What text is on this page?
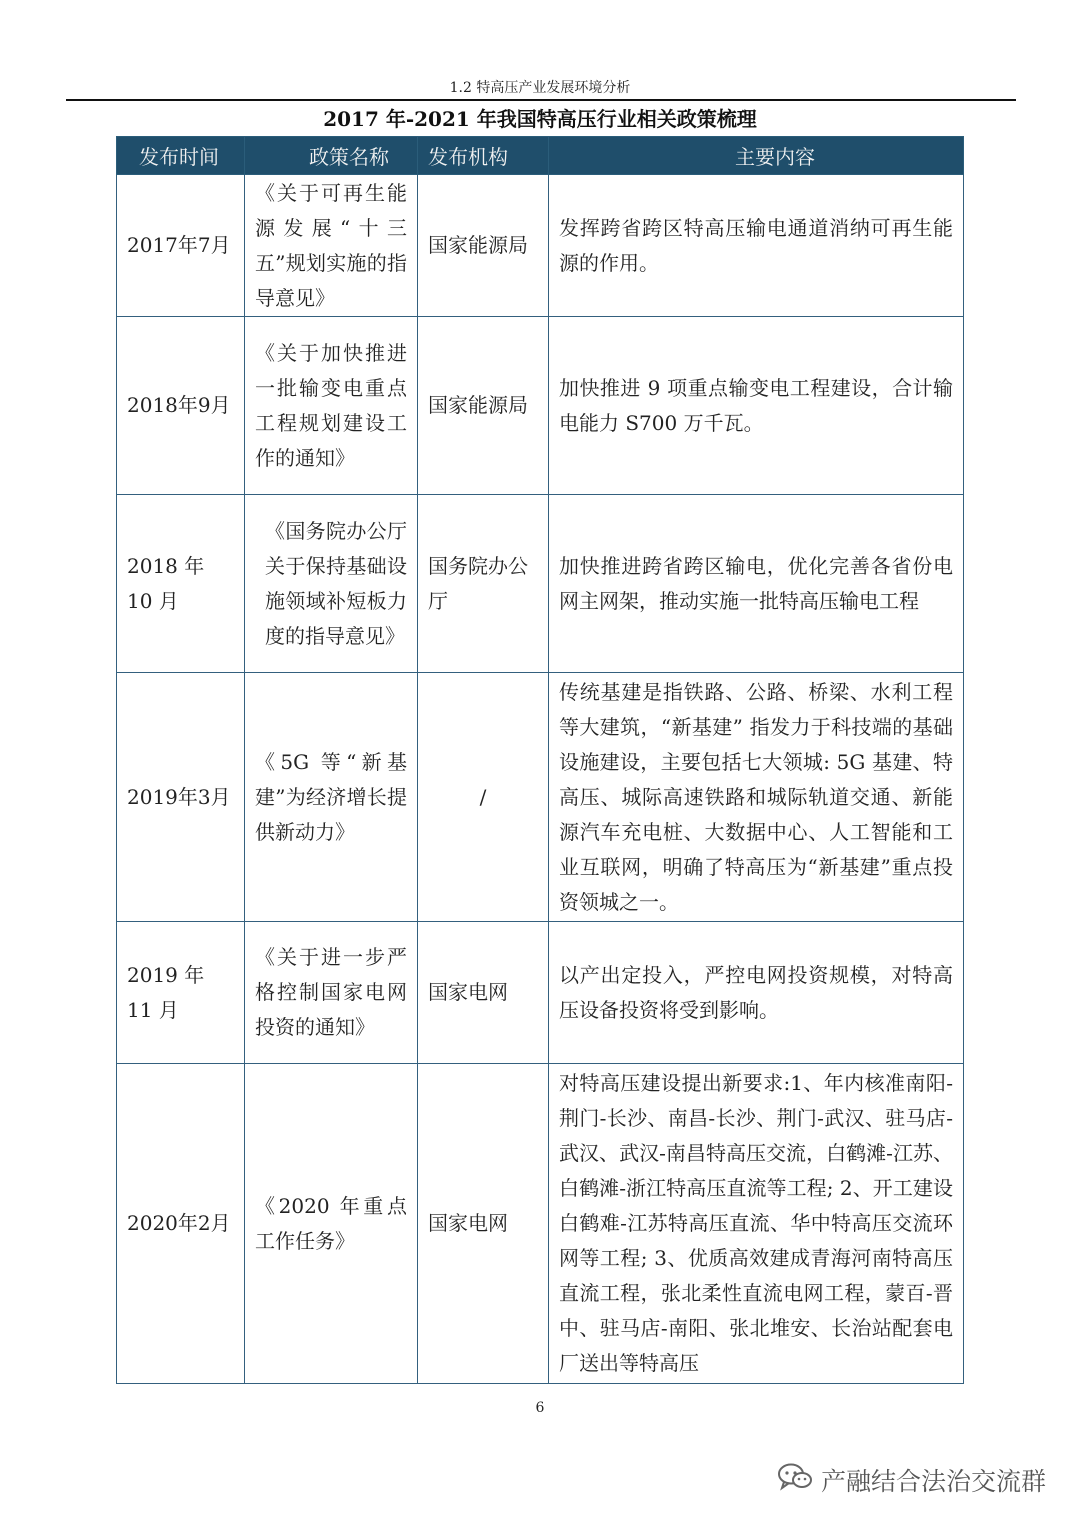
1.2 特高压产业发展环境分析
2017 年-2021 年我国特高压行业相关政策梳理
发布时间	政策名称	发布机构	主要内容
2017年7月	《关于可再生能源发展“十三五”规划实施的指导意见》	国家能源局	发挥跨省跨区特高压输电通道消纳可再生能源的作用。
2018年9月	《关于加快推进一批输变电重点工程规划建设工作的通知》	国家能源局	加快推进 9 项重点输变电工程建设，合计输电能力 S700 万千瓦。
2018 年 10 月	《国务院办公厅关于保持基础设施领域补短板力度的指导意见》	国务院办公厅	加快推进跨省跨区输电，优化完善各省份电网主网架，推动实施一批特高压输电工程
2019年3月	《5G 等“新基建”为经济增长提供新动力》	/	传统基建是指铁路、公路、桥梁、水利工程等大建筑，“新基建” 指发力于科技端的基础设施建设，主要包括七大领城: 5G 基建、特高压、城际高速铁路和城际轨道交通、新能源汽车充电桩、大数据中心、人工智能和工业互联网，明确了特高压为“新基建”重点投资领城之一。
2019 年 11 月	《关于进一步严格控制国家电网投资的通知》	国家电网	以产出定投入，严控电网投资规模，对特高压设备投资将受到影响。
2020年2月	《2020 年重点工作任务》	国家电网	对特高压建设提出新要求:1、年内核准南阳-荆门-长沙、南昌-长沙、荆门-武汉、驻马店-武汉、武汉-南昌特高压交流，白鹤滩-江苏、白鹤滩-浙江特高压直流等工程; 2、开工建设白鹤难-江苏特高压直流、华中特高压交流环网等工程; 3、优质高效建成青海河南特高压直流工程，张北柔性直流电网工程，蒙百-晋中、驻马店-南阳、张北堆安、长治站配套电厂送出等特高压
6
产融结合法治交流群
